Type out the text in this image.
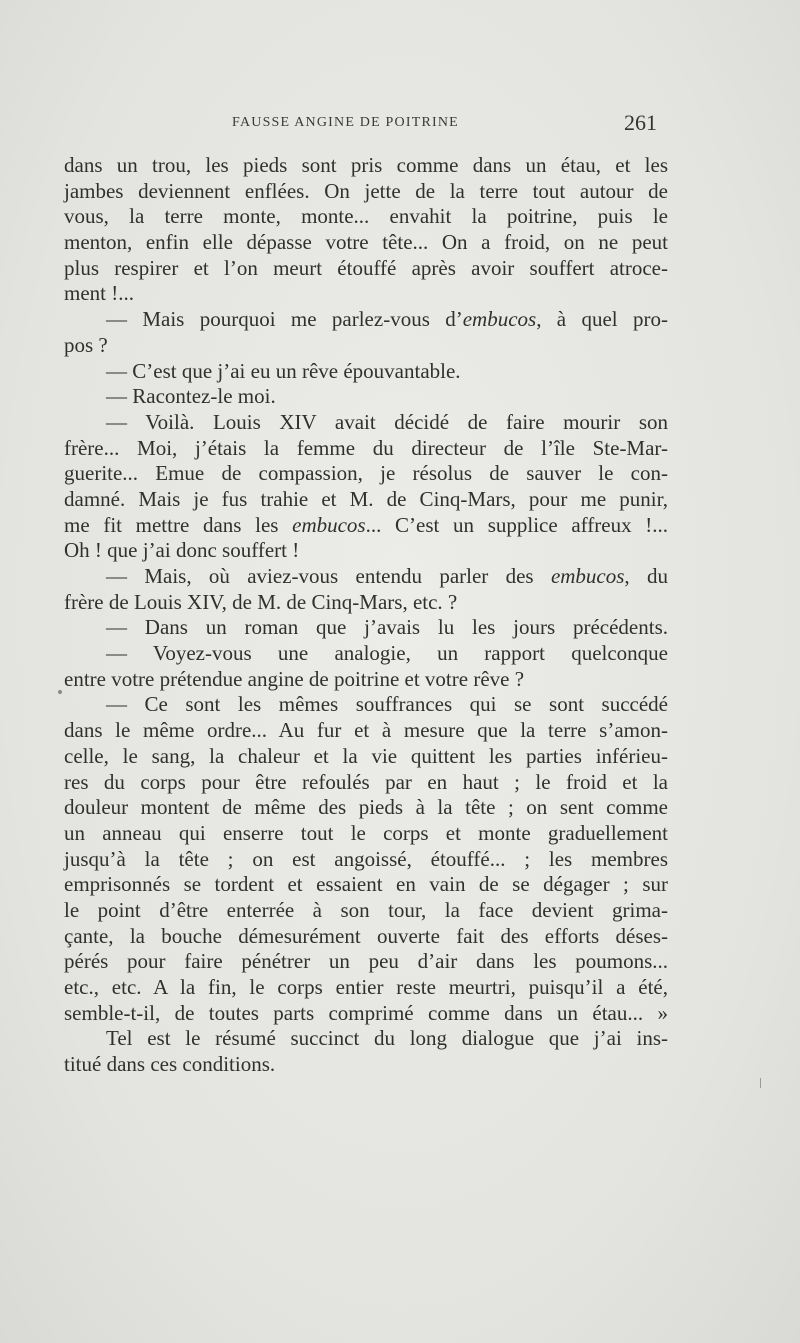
FAUSSE ANGINE DE POITRINE	261
dans un trou, les pieds sont pris comme dans un étau, et les
jambes deviennent enflées. On jette de la terre tout autour de
vous, la terre monte, monte... envahit la poitrine, puis le
menton, enfin elle dépasse votre tête... On a froid, on ne peut
plus respirer et l’on meurt étouffé après avoir souffert atroce-
ment !...
— Mais pourquoi me parlez-vous d’embucos, à quel pro-
pos ?
— C’est que j’ai eu un rêve épouvantable.
— Racontez-le moi.
— Voilà. Louis XIV avait décidé de faire mourir son
frère... Moi, j’étais la femme du directeur de l’île Ste-Mar-
guerite... Emue de compassion, je résolus de sauver le con-
damné. Mais je fus trahie et M. de Cinq-Mars, pour me punir,
me fit mettre dans les embucos... C’est un supplice affreux !...
Oh ! que j’ai donc souffert !
— Mais, où aviez-vous entendu parler des embucos, du
frère de Louis XIV, de M. de Cinq-Mars, etc. ?
— Dans un roman que j’avais lu les jours précédents.
— Voyez-vous une analogie, un rapport quelconque
entre votre prétendue angine de poitrine et votre rêve ?
— Ce sont les mêmes souffrances qui se sont succédé
dans le même ordre... Au fur et à mesure que la terre s’amon-
celle, le sang, la chaleur et la vie quittent les parties inférieu-
res du corps pour être refoulés par en haut ; le froid et la
douleur montent de même des pieds à la tête ; on sent comme
un anneau qui enserre tout le corps et monte graduellement
jusqu’à la tête ; on est angoissé, étouffé... ; les membres
emprisonnés se tordent et essaient en vain de se dégager ; sur
le point d’être enterrée à son tour, la face devient grima-
çante, la bouche démesurément ouverte fait des efforts déses-
pérés pour faire pénétrer un peu d’air dans les poumons...
etc., etc. A la fin, le corps entier reste meurtri, puisqu’il a été,
semble-t-il, de toutes parts comprimé comme dans un étau... »
Tel est le résumé succinct du long dialogue que j’ai ins-
titué dans ces conditions.
